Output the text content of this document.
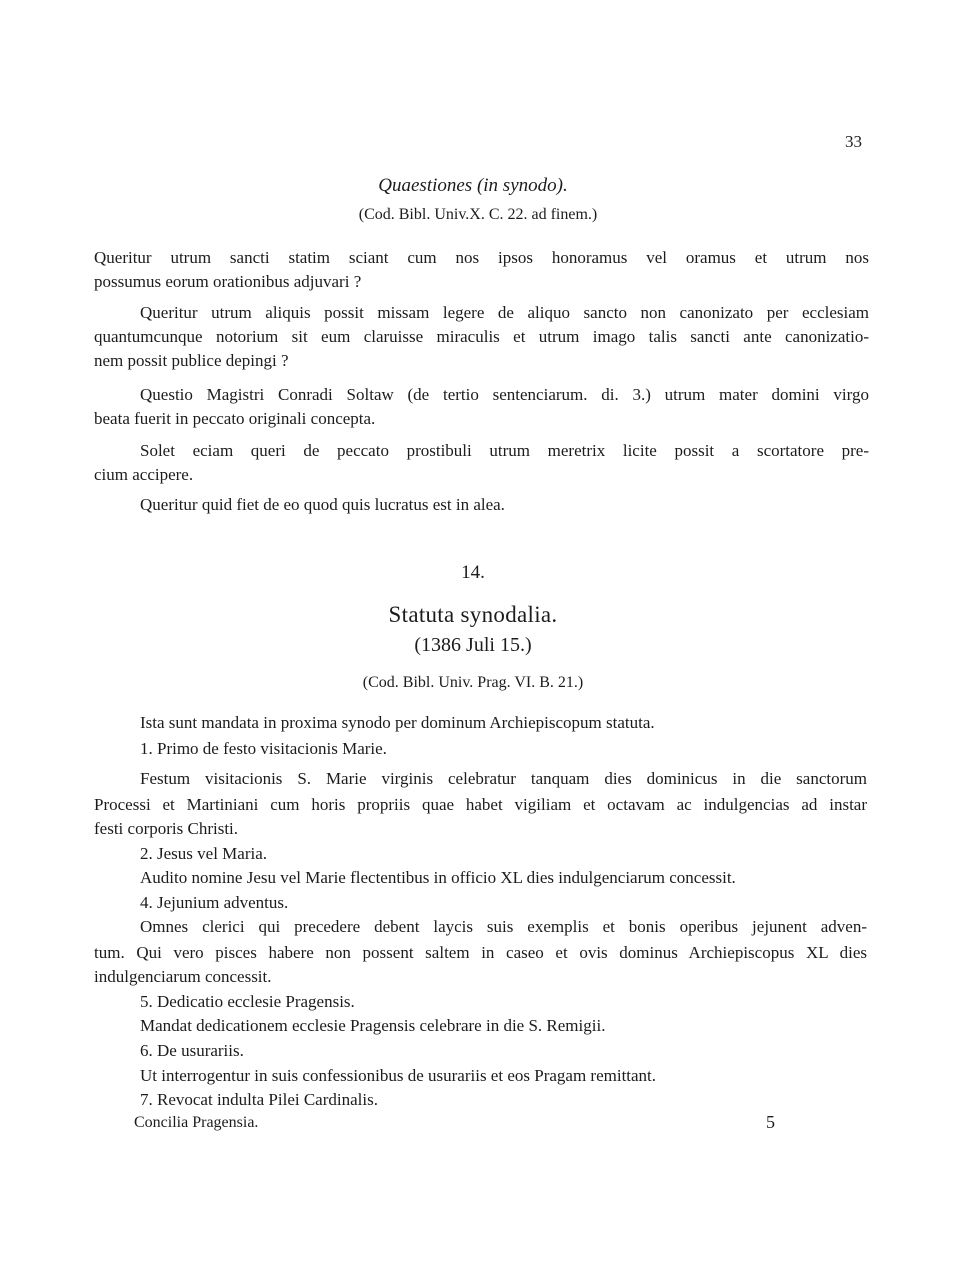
33
Quaestiones (in synodo).
(Cod. Bibl. Univ.X. C. 22. ad finem.)
Queritur utrum sancti statim sciant cum nos ipsos honoramus vel oramus et utrum nos
possumus eorum orationibus adjuvari ?
Queritur utrum aliquis possit missam legere de aliquo sancto non canonizato per ecclesiam
quantumcunque notorium sit eum claruisse miraculis et utrum imago talis sancti ante canonizatio-
nem possit publice depingi ?
Questio Magistri Conradi Soltaw (de tertio sentenciarum. di. 3.) utrum mater domini virgo
beata fuerit in peccato originali concepta.
Solet eciam queri de peccato prostibuli utrum meretrix licite possit a scortatore pre-
cium accipere.
Queritur quid fiet de eo quod quis lucratus est in alea.
14.
Statuta synodalia.
(1386 Juli 15.)
(Cod. Bibl. Univ. Prag. VI. B. 21.)
Ista sunt mandata in proxima synodo per dominum Archiepiscopum statuta.
1. Primo de festo visitacionis Marie.
Festum visitacionis S. Marie virginis celebratur tanquam dies dominicus in die sanctorum
Processi et Martiniani cum horis propriis quae habet vigiliam et octavam ac indulgencias ad instar
festi corporis Christi.
2. Jesus vel Maria.
Audito nomine Jesu vel Marie flectentibus in officio XL dies indulgenciarum concessit.
4. Jejunium adventus.
Omnes clerici qui precedere debent laycis suis exemplis et bonis operibus jejunent adven-
tum. Qui vero pisces habere non possent saltem in caseo et ovis dominus Archiepiscopus XL dies
indulgenciarum concessit.
5. Dedicatio ecclesie Pragensis.
Mandat dedicationem ecclesie Pragensis celebrare in die S. Remigii.
6. De usurariis.
Ut interrogentur in suis confessionibus de usurariis et eos Pragam remittant.
7. Revocat indulta Pilei Cardinalis.
Concilia Pragensia.	5
